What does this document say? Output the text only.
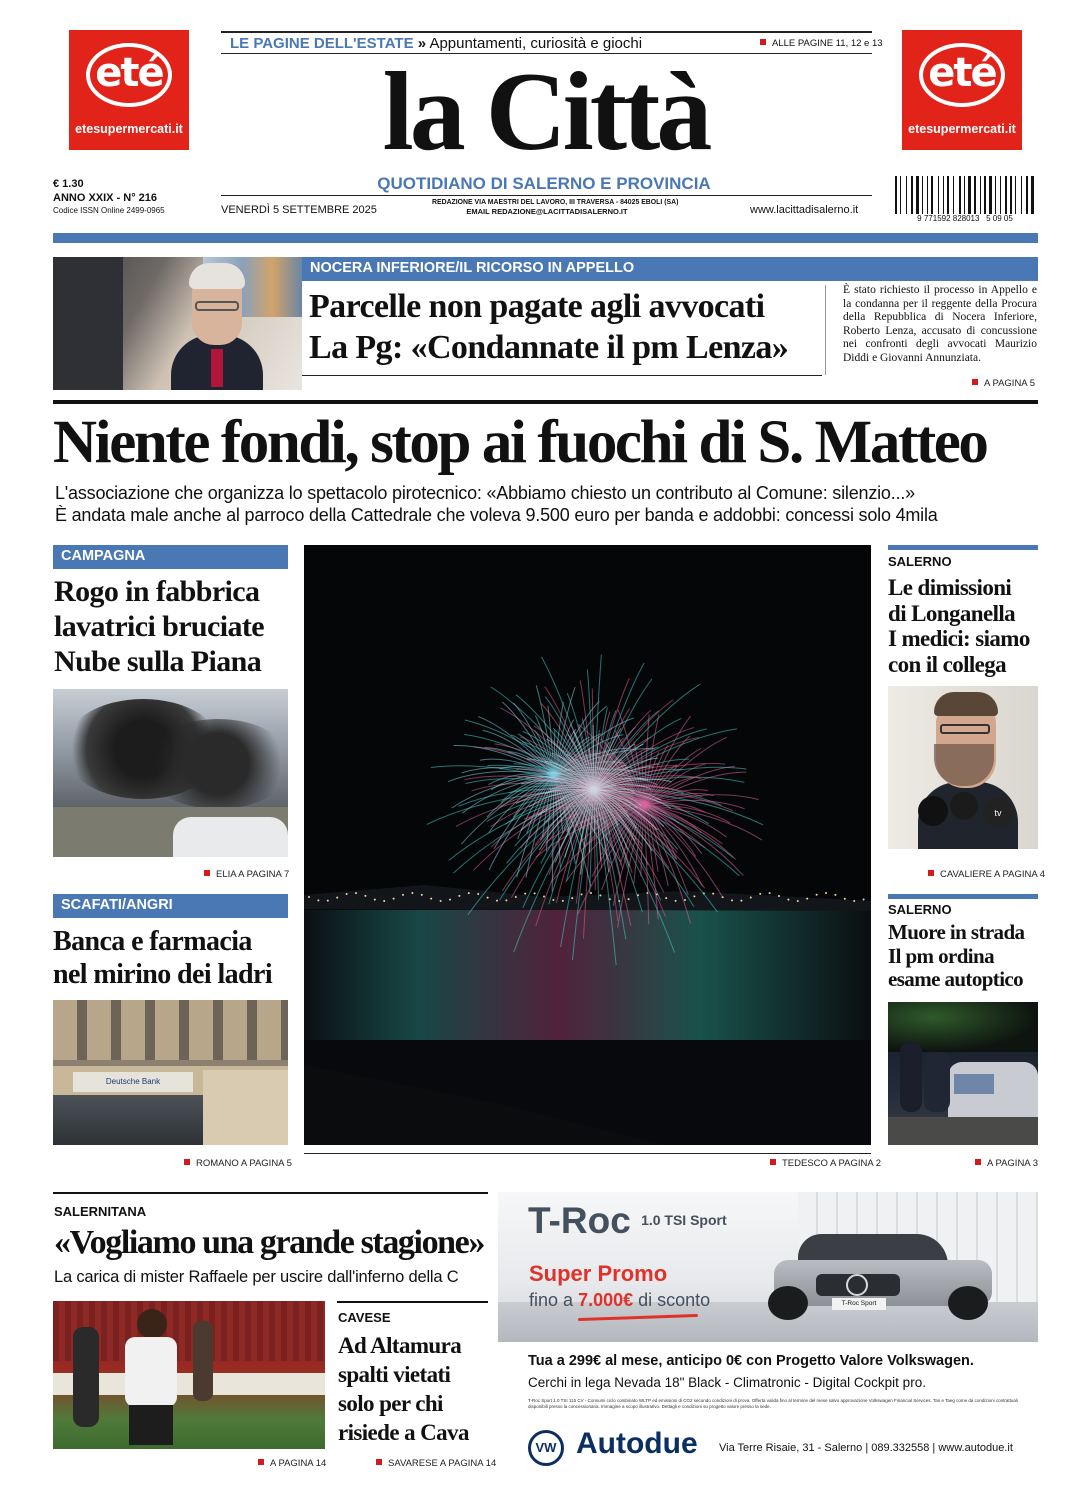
eté
etesupermercati.it
eté
etesupermercati.it
LE PAGINE DELL'ESTATE » Appuntamenti, curiosità e giochi	ALLE PAGINE 11, 12 e 13
la Città
QUOTIDIANO DI SALERNO E PROVINCIA
€ 1.30
ANNO XXIX - N° 216
Codice ISSN Online 2499-0965	VENERDÌ 5 SETTEMBRE 2025
REDAZIONE VIA MAESTRI DEL LAVORO, III TRAVERSA - 84025 EBOLI (SA)
EMAIL REDAZIONE@LACITTADISALERNO.IT	www.lacittadisalerno.it
9 771592 828013   5 09 05
NOCERA INFERIORE/IL RICORSO IN APPELLO
Parcelle non pagate agli avvocati
La Pg: «Condannate il pm Lenza»
È stato richiesto il processo in Appello e la condanna per il reggente della Procura della Repubblica di Nocera Inferiore, Roberto Lenza, accusato di concussione nei confronti degli avvocati Maurizio Diddi e Giovanni Annunziata.
A PAGINA 5
Niente fondi, stop ai fuochi di S. Matteo
L'associazione che organizza lo spettacolo pirotecnico: «Abbiamo chiesto un contributo al Comune: silenzio...»
È andata male anche al parroco della Cattedrale che voleva 9.500 euro per banda e addobbi: concessi solo 4mila
CAMPAGNA
Rogo in fabbrica
lavatrici bruciate
Nube sulla Piana
ELIA A PAGINA 7
SCAFATI/ANGRI
Banca e farmacia
nel mirino dei ladri
Deutsche Bank
ROMANO A PAGINA 5	TEDESCO A PAGINA 2
SALERNO
Le dimissioni
di Longanella
I medici: siamo
con il collega
tv
CAVALIERE A PAGINA 4
SALERNO
Muore in strada
Il pm ordina
esame autoptico
A PAGINA 3
SALERNITANA
«Vogliamo una grande stagione»
La carica di mister Raffaele per uscire dall'inferno della C
A PAGINA 14
CAVESE
Ad Altamura
spalti vietati
solo per chi
risiede a Cava
SAVARESE A PAGINA 14
T-Roc $^{1.0 TSI Sport}$
Super Promo
fino a 7.000€ di sconto	T-Roc Sport
Tua a 299€ al mese, anticipo 0€ con Progetto Valore Volkswagen.
Cerchi in lega Nevada 18" Black - Climatronic - Digital Cockpit pro.
T-Roc Sport 1.0 TSI 115 CV - Consumi ciclo combinato WLTP ed emissioni di CO2 secondo condizioni di prova. Offerta valida fino al termine del mese salvo approvazione Volkswagen Financial Services. Tan e Taeg come da condizioni contrattuali disponibili presso la concessionaria. Immagine a scopo illustrativo. Dettagli e condizioni su progetto valore presso la sede.
VW Autodue Via Terre Risaie, 31 - Salerno | 089.332558 | www.autodue.it
